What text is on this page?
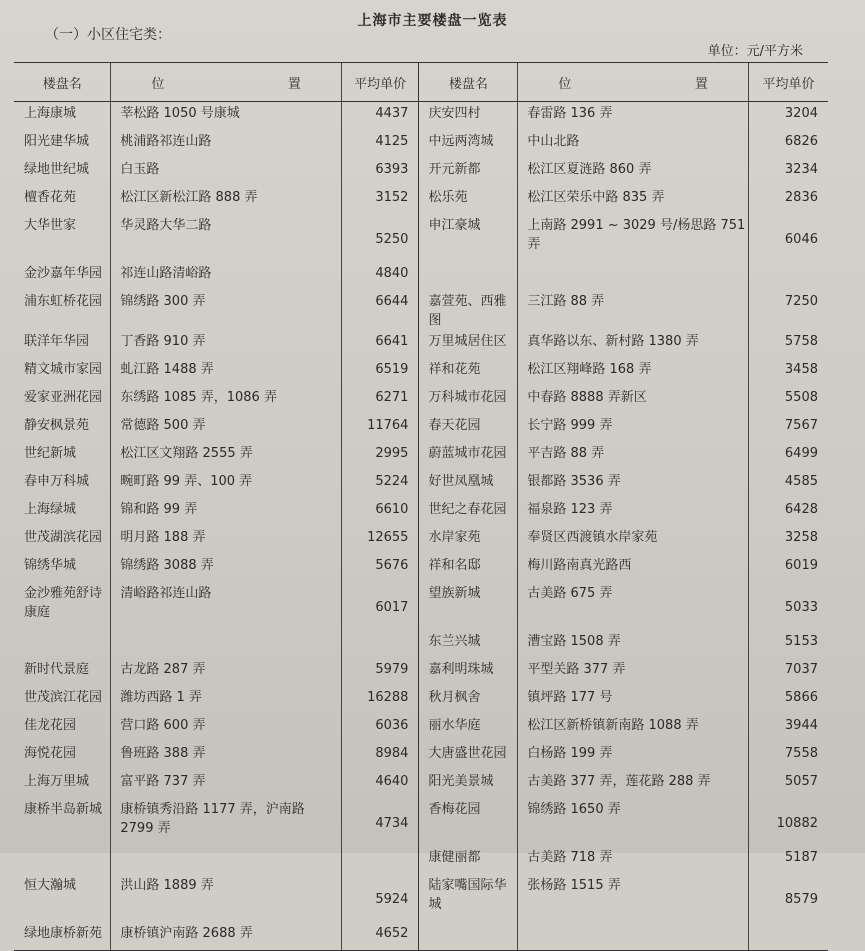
上海市主要楼盘一览表
（一）小区住宅类：
单位：元/平方米
楼盘名	位 置	平均单价	楼盘名	位 置	平均单价
上海康城	莘松路 1050 号康城	4437	庆安四村	春雷路 136 弄	3204
阳光建华城	桃浦路祁连山路	4125	中远两湾城	中山北路	6826
绿地世纪城	白玉路	6393	开元新都	松江区夏涟路 860 弄	3234
檀香花苑	松江区新松江路 888 弄	3152	松乐苑	松江区荣乐中路 835 弄	2836
大华世家	华灵路大华二路	5250	申江豪城	上南路 2991 ~ 3029 号/杨思路 751 弄	6046
金沙嘉年华园	祁连山路清峪路	4840			
浦东虹桥花园	锦绣路 300 弄	6644	嘉萱苑、西雅图	三江路 88 弄	7250
联洋年华园	丁香路 910 弄	6641	万里城居住区	真华路以东、新村路 1380 弄	5758
精文城市家园	虬江路 1488 弄	6519	祥和花苑	松江区翔峰路 168 弄	3458
爱家亚洲花园	东绣路 1085 弄，1086 弄	6271	万科城市花园	中春路 8888 弄新区	5508
静安枫景苑	常德路 500 弄	11764	春天花园	长宁路 999 弄	7567
世纪新城	松江区文翔路 2555 弄	2995	蔚蓝城市花园	平吉路 88 弄	6499
春申万科城	畹町路 99 弄、100 弄	5224	好世凤凰城	银都路 3536 弄	4585
上海绿城	锦和路 99 弄	6610	世纪之春花园	福泉路 123 弄	6428
世茂湖滨花园	明月路 188 弄	12655	水岸家苑	奉贤区西渡镇水岸家苑	3258
锦绣华城	锦绣路 3088 弄	5676	祥和名邸	梅川路南真光路西	6019
金沙雅苑舒诗康庭	清峪路祁连山路	6017	望族新城	古美路 675 弄	5033
			东兰兴城	漕宝路 1508 弄	5153
新时代景庭	古龙路 287 弄	5979	嘉利明珠城	平型关路 377 弄	7037
世茂滨江花园	潍坊西路 1 弄	16288	秋月枫舍	镇坪路 177 号	5866
佳龙花园	营口路 600 弄	6036	丽水华庭	松江区新桥镇新南路 1088 弄	3944
海悦花园	鲁班路 388 弄	8984	大唐盛世花园	白杨路 199 弄	7558
上海万里城	富平路 737 弄	4640	阳光美景城	古美路 377 弄，莲花路 288 弄	5057
康桥半岛新城	康桥镇秀沿路 1177 弄，沪南路 2799 弄	4734	香梅花园	锦绣路 1650 弄	10882
			康健丽都	古美路 718 弄	5187
恒大瀚城	洪山路 1889 弄	5924	陆家嘴国际华城	张杨路 1515 弄	8579
绿地康桥新苑	康桥镇沪南路 2688 弄	4652			
